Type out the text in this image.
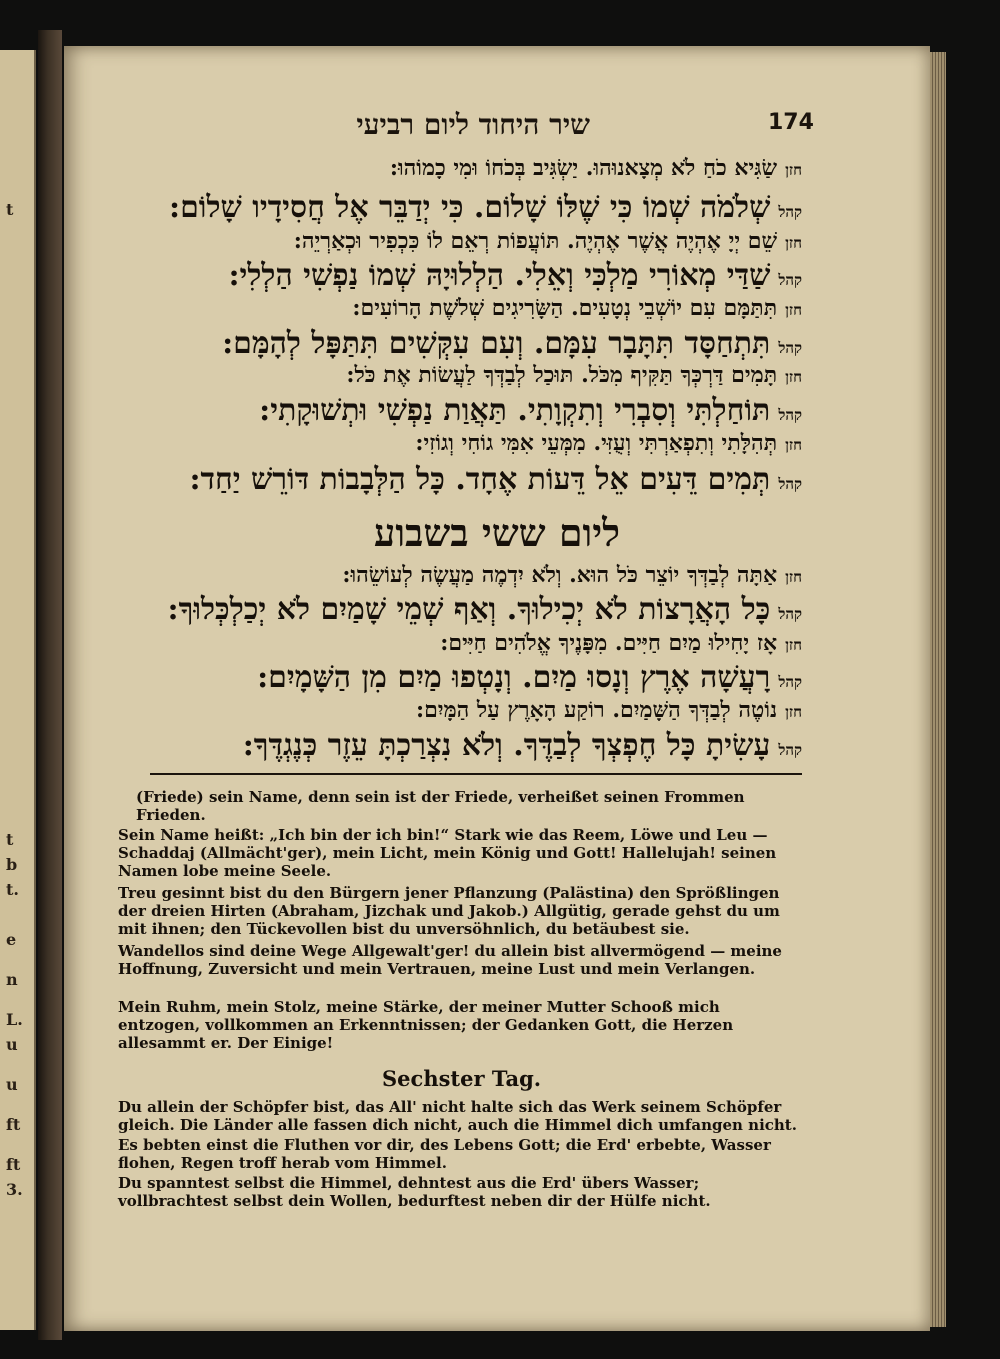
t
t
b
t.
e
n
L.
u
u
ft
ft
3.
שיר היחוד ליום רביעי	174
חזןשַׂגִּיא כֹחַ לֹא מְצָאנוּהוּ. יַשְׂגִּיב בְּכֹחוֹ וּמִי כָמוֹהוּ:
קהלשְׁלֹמֹה שְׁמוֹ כִּי שֶׁלּוֹ שָׁלוֹם. כִּי יְדַבֵּר אֶל חֲסִידָיו שָׁלוֹם:
חזןשֵׁם יְיָ אֶהְיֶה אֲשֶׁר אֶהְיֶה. תּוֹעֲפוֹת רְאֵם לוֹ כִּכְפִיר וּכְאַרְיֵה:
קהלשַׁדַּי מְאוֹרִי מַלְכִּי וְאֵלִי. הַלְלוּיָהּ שְׁמוֹ נַפְשִׁי הַלְלִי:
חזןתִּתַּמָּם עִם יוֹשְׁבֵי נְטָעִים. הַשָּׂרִיגִים שְׁלֹשֶׁת הָרוֹעִים:
קהלתִּתְחַסָּד תִּתָּבָר עִמָּם. וְעִם עִקְּשִׁים תִּתַּפָּל לְהָמָּם:
חזןתָּמִים דַּרְכְּךָ תַּקִּיף מִכֹּל. תּוּכַל לְבַדְּךָ לַעֲשׂוֹת אֶת כֹּל:
קהלתּוֹחַלְתִּי וְסִבְרִי וְתִקְוָתִי. תַּאֲוַת נַפְשִׁי וּתְשׁוּקָתִי:
חזןתְּהִלָּתִי וְתִפְאַרְתִּי וְעֻזִּי. מִמְּעֵי אִמִּי גוֹחִי וְגוֹזִי:
קהלתְּמִים דֵּעִים אֵל דֵּעוֹת אֶחָד. כָּל הַלְּבָבוֹת דּוֹרֵשׁ יַחַד:
ליום ששי בשבוע
חזןאַתָּה לְבַדְּךָ יוֹצֵר כֹּל הוּא. וְלֹא יִדְמֶה מַעֲשֶׂה לְעוֹשֵׂהוּ:
קהלכָּל הָאֲרָצוֹת לֹא יְכִילוּךָ. וְאַף שְׁמֵי שָׁמַיִם לֹא יְכַלְכְּלוּךָ:
חזןאָז יָחִילוּ מַיִם חַיִּים. מִפָּנֶיךָ אֱלֹהִים חַיִּים:
קהלרָעֲשָׁה אֶרֶץ וְנָסוּ מַיִם. וְנָטְפוּ מַיִם מִן הַשָּׁמָיִם:
חזןנוֹטֶה לְבַדְּךָ הַשָּׁמַיִם. רוֹקַע הָאָרֶץ עַל הַמָּיִם:
קהלעָשִׂיתָ כָּל חֶפְצְךָ לְבַדֶּךָ. וְלֹא נִצְרַכְתָּ עֵזֶר כְּנֶגְדֶּךָ:
(Friede) sein Name, denn sein ist der Friede, verheißet seinen Frommen Frieden.
Sein Name heißt: „Ich bin der ich bin!“ Stark wie das Reem, Löwe und Leu — Schaddaj (Allmächt'ger), mein Licht, mein König und Gott! Hallelujah! seinen Namen lobe meine Seele.
Treu gesinnt bist du den Bürgern jener Pflanzung (Palästina) den Sprößlingen der dreien Hirten (Abraham, Jizchak und Jakob.) Allgütig, gerade gehst du um mit ihnen; den Tückevollen bist du unversöhnlich, du betäubest sie.
Wandellos sind deine Wege Allgewalt'ger! du allein bist allvermögend — meine Hoffnung, Zuversicht und mein Vertrauen, meine Lust und mein Verlangen.
Mein Ruhm, mein Stolz, meine Stärke, der meiner Mutter Schooß mich entzogen, vollkommen an Erkenntnissen; der Gedanken Gott, die Herzen allesammt er. Der Einige!
Sechster Tag.
Du allein der Schöpfer bist, das All' nicht halte sich das Werk seinem Schöpfer gleich. Die Länder alle fassen dich nicht, auch die Himmel dich umfangen nicht.
Es bebten einst die Fluthen vor dir, des Lebens Gott; die Erd' erbebte, Wasser flohen, Regen troff herab vom Himmel.
Du spanntest selbst die Himmel, dehntest aus die Erd' übers Wasser; vollbrachtest selbst dein Wollen, bedurftest neben dir der Hülfe nicht.
